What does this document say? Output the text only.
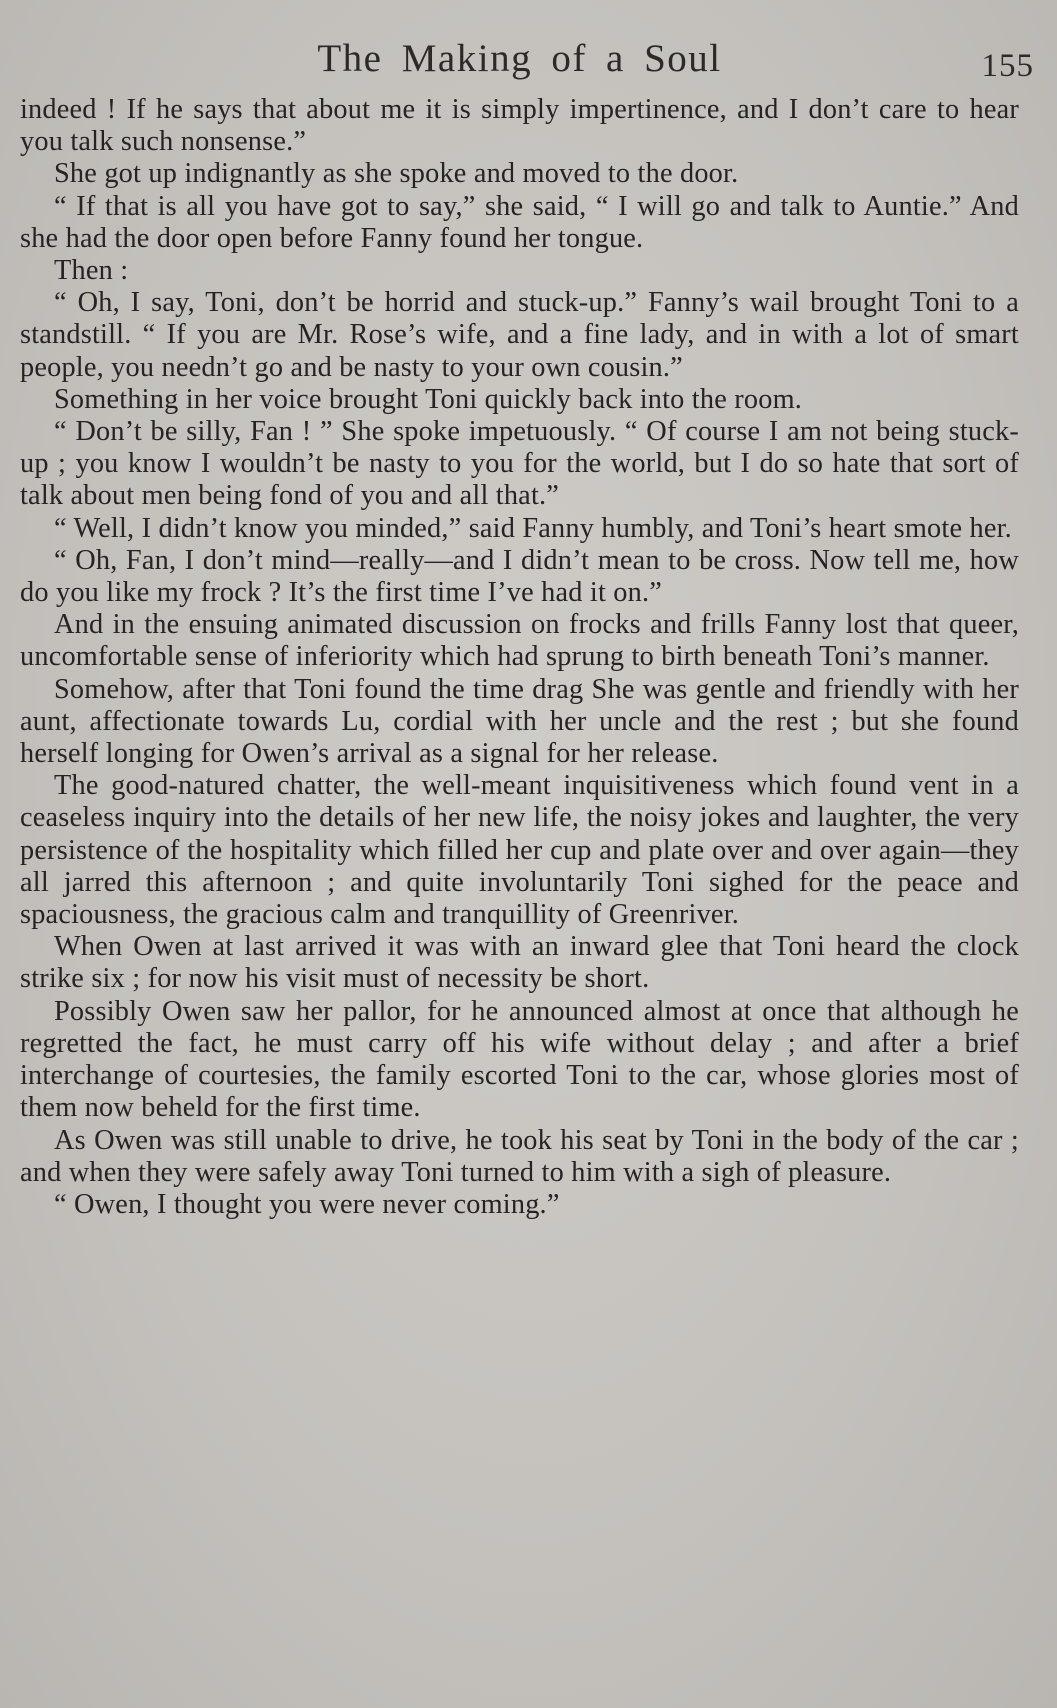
The Making of a Soul	155

indeed ! If he says that about me it is simply impertinence, and I don’t care to hear you talk such nonsense.”

She got up indignantly as she spoke and moved to the door.

“ If that is all you have got to say,” she said, “ I will go and talk to Auntie.” And she had the door open before Fanny found her tongue.

Then :

“ Oh, I say, Toni, don’t be horrid and stuck-up.” Fanny’s wail brought Toni to a standstill. “ If you are Mr. Rose’s wife, and a fine lady, and in with a lot of smart people, you needn’t go and be nasty to your own cousin.”

Something in her voice brought Toni quickly back into the room.

“ Don’t be silly, Fan ! ” She spoke impetuously. “ Of course I am not being stuck-up ; you know I wouldn’t be nasty to you for the world, but I do so hate that sort of talk about men being fond of you and all that.”

“ Well, I didn’t know you minded,” said Fanny humbly, and Toni’s heart smote her.

“ Oh, Fan, I don’t mind—really—and I didn’t mean to be cross. Now tell me, how do you like my frock ? It’s the first time I’ve had it on.”

And in the ensuing animated discussion on frocks and frills Fanny lost that queer, uncomfortable sense of inferiority which had sprung to birth beneath Toni’s manner.

Somehow, after that Toni found the time drag She was gentle and friendly with her aunt, affectionate towards Lu, cordial with her uncle and the rest ; but she found herself longing for Owen’s arrival as a signal for her release.

The good-natured chatter, the well-meant inquisitiveness which found vent in a ceaseless inquiry into the details of her new life, the noisy jokes and laughter, the very persistence of the hospitality which filled her cup and plate over and over again—they all jarred this afternoon ; and quite involuntarily Toni sighed for the peace and spaciousness, the gracious calm and tranquillity of Greenriver.

When Owen at last arrived it was with an inward glee that Toni heard the clock strike six ; for now his visit must of necessity be short.

Possibly Owen saw her pallor, for he announced almost at once that although he regretted the fact, he must carry off his wife without delay ; and after a brief interchange of courtesies, the family escorted Toni to the car, whose glories most of them now beheld for the first time.

As Owen was still unable to drive, he took his seat by Toni in the body of the car ; and when they were safely away Toni turned to him with a sigh of pleasure.

“ Owen, I thought you were never coming.”
